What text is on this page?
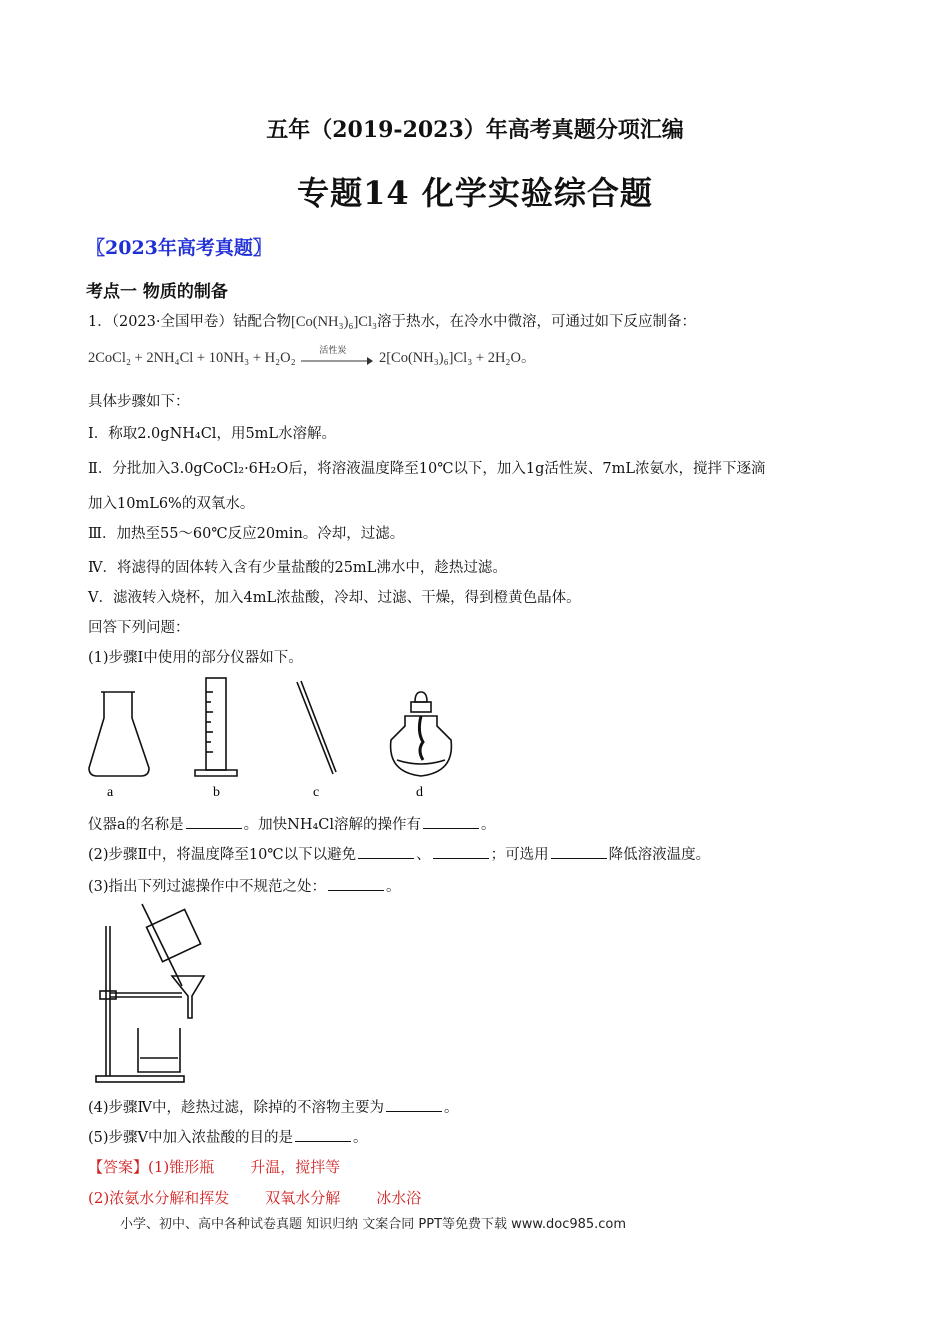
五年（2019-2023）年高考真题分项汇编
专题14 化学实验综合题
〖2023年高考真题〗
考点一 物质的制备
1．（2023·全国甲卷）钴配合物[Co(NH₃)₆]Cl₃溶于热水，在冷水中微溶，可通过如下反应制备：
2CoCl₂ + 2NH₄Cl + 10NH₃ + H₂O₂
活性炭
2[Co(NH₃)₆]Cl₃ + 2H₂O。
具体步骤如下：
Ⅰ．称取2.0gNH₄Cl，用5mL水溶解。
Ⅱ．分批加入3.0gCoCl₂·6H₂O后，将溶液温度降至10℃以下，加入1g活性炭、7mL浓氨水，搅拌下逐滴
加入10mL6%的双氧水。
Ⅲ．加热至55～60℃反应20min。冷却，过滤。
Ⅳ．将滤得的固体转入含有少量盐酸的25mL沸水中，趁热过滤。
Ⅴ．滤液转入烧杯，加入4mL浓盐酸，冷却、过滤、干燥，得到橙黄色晶体。
回答下列问题：
(1)步骤Ⅰ中使用的部分仪器如下。
a	b	c	d
仪器a的名称是	。加快NH₄Cl溶解的操作有	。
(2)步骤Ⅱ中，将温度降至10℃以下以避免	、	；可选用	降低溶液温度。
(3)指出下列过滤操作中不规范之处：	。
(4)步骤Ⅳ中，趁热过滤，除掉的不溶物主要为	。
(5)步骤Ⅴ中加入浓盐酸的目的是	。
【答案】(1)锥形瓶 升温，搅拌等
(2)浓氨水分解和挥发 双氧水分解 冰水浴
小学、初中、高中各种试卷真题 知识归纳 文案合同 PPT等免费下载 www.doc985.com
